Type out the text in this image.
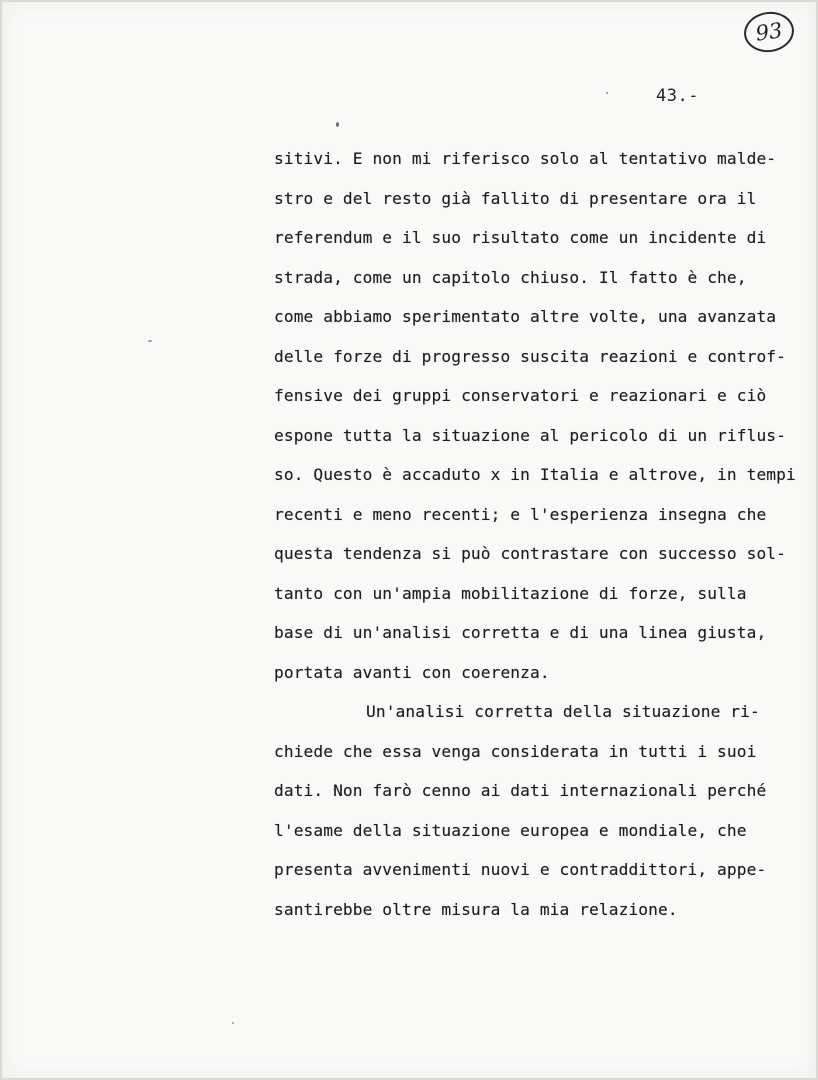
93
43.-
sitivi. E non mi riferisco solo al tentativo malde-
stro e del resto già fallito di presentare ora il
referendum e il suo risultato come un incidente di
strada, come un capitolo chiuso. Il fatto è che,
come abbiamo sperimentato altre volte, una avanzata
delle forze di progresso suscita reazioni e controf-
fensive dei gruppi conservatori e reazionari e ciò
espone tutta la situazione al pericolo di un riflus-
so. Questo è accaduto x in Italia e altrove, in tempi
recenti e meno recenti; e l'esperienza insegna che
questa tendenza si può contrastare con successo sol-
tanto con un'ampia mobilitazione di forze, sulla
base di un'analisi corretta e di una linea giusta,
portata avanti con coerenza.
Un'analisi corretta della situazione ri-
chiede che essa venga considerata in tutti i suoi
dati. Non farò cenno ai dati internazionali perché
l'esame della situazione europea e mondiale, che
presenta avvenimenti nuovi e contraddittori, appe-
santirebbe oltre misura la mia relazione.
